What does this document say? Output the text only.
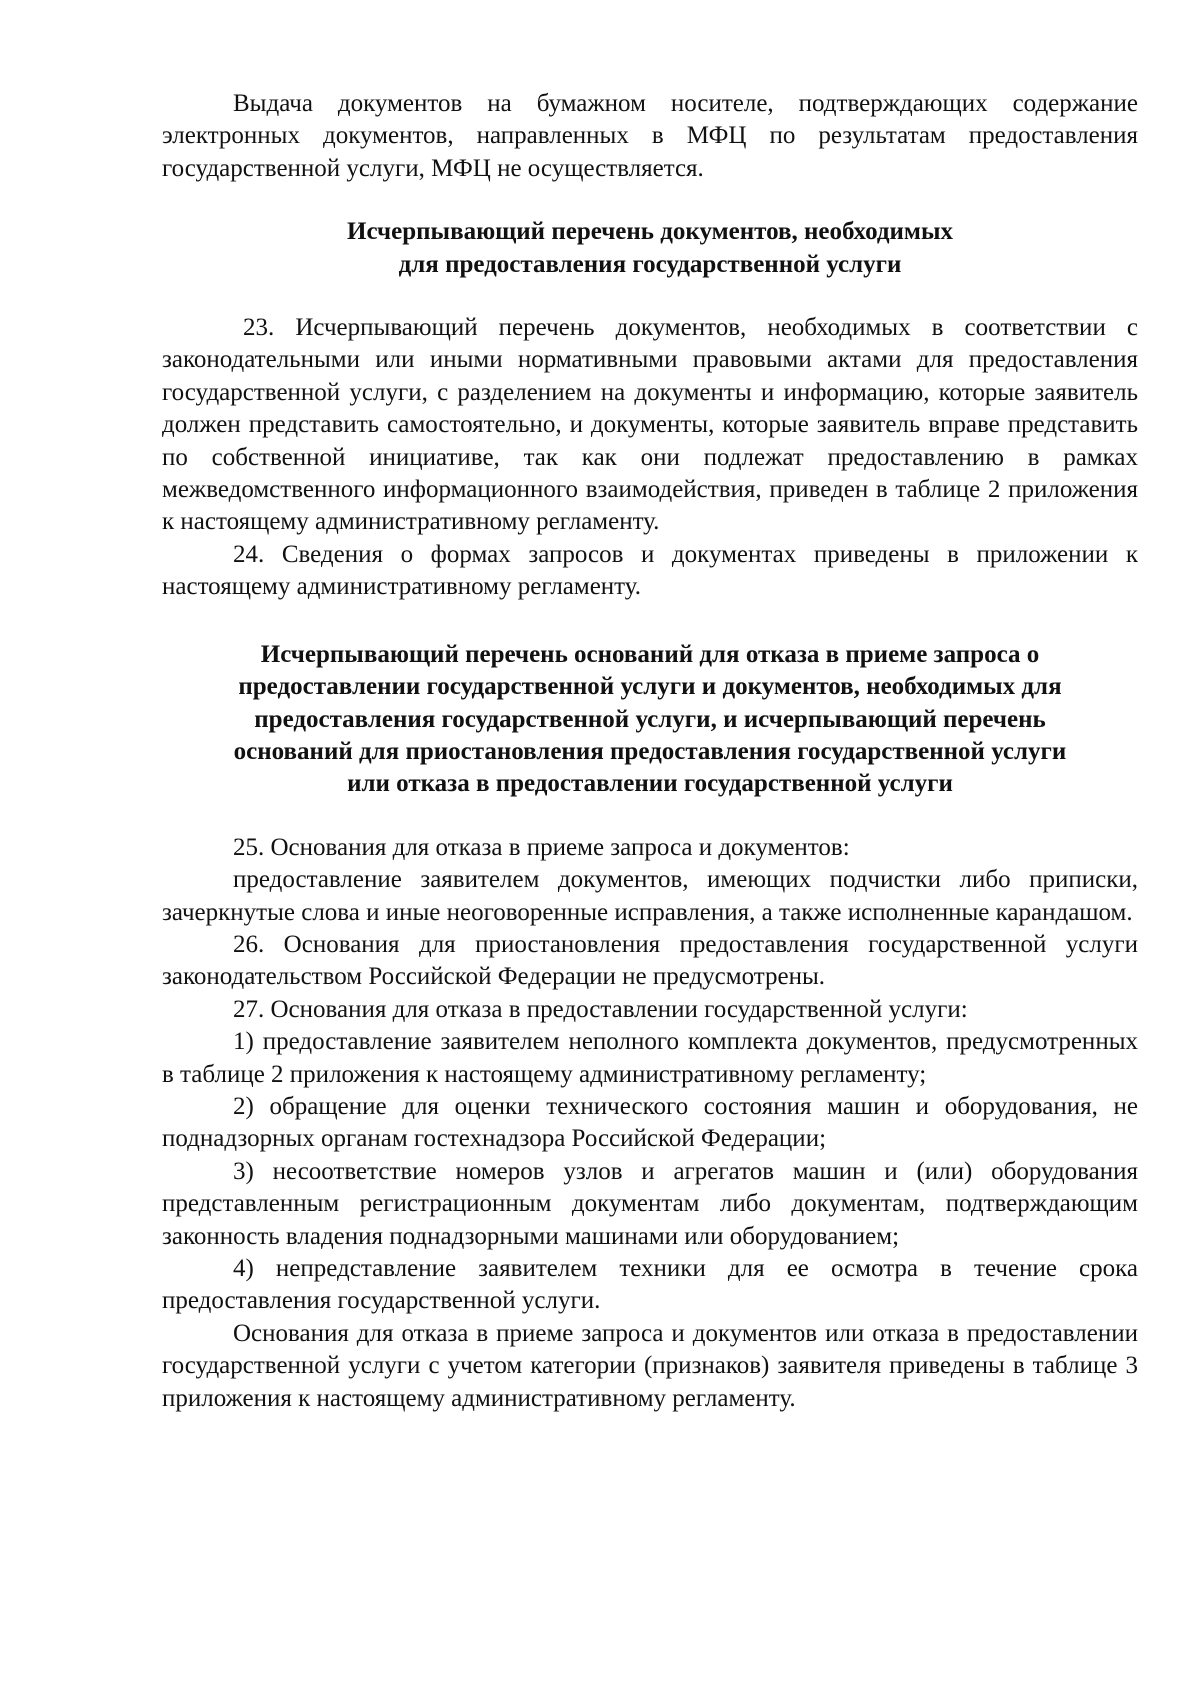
Выдача документов на бумажном носителе, подтверждающих содержание электронных документов, направленных в МФЦ по результатам предоставления государственной услуги, МФЦ не осуществляется.

Исчерпывающий перечень документов, необходимых
для предоставления государственной услуги

23. Исчерпывающий перечень документов, необходимых в соответствии с законодательными или иными нормативными правовыми актами для предоставления государственной услуги, с разделением на документы и информацию, которые заявитель должен представить самостоятельно, и документы, которые заявитель вправе представить по собственной инициативе, так как они подлежат предоставлению в рамках межведомственного информационного взаимодействия, приведен в таблице 2 приложения к настоящему административному регламенту.

24. Сведения о формах запросов и документах приведены в приложении к настоящему административному регламенту.

Исчерпывающий перечень оснований для отказа в приеме запроса о
предоставлении государственной услуги и документов, необходимых для
предоставления государственной услуги, и исчерпывающий перечень
оснований для приостановления предоставления государственной услуги
или отказа в предоставлении государственной услуги

25. Основания для отказа в приеме запроса и документов:

предоставление заявителем документов, имеющих подчистки либо приписки, зачеркнутые слова и иные неоговоренные исправления, а также исполненные карандашом.

26. Основания для приостановления предоставления государственной услуги законодательством Российской Федерации не предусмотрены.

27. Основания для отказа в предоставлении государственной услуги:

1) предоставление заявителем неполного комплекта документов, предусмотренных в таблице 2 приложения к настоящему административному регламенту;

2) обращение для оценки технического состояния машин и оборудования, не поднадзорных органам гостехнадзора Российской Федерации;

3) несоответствие номеров узлов и агрегатов машин и (или) оборудования представленным регистрационным документам либо документам, подтверждающим законность владения поднадзорными машинами или оборудованием;

4) непредставление заявителем техники для ее осмотра в течение срока предоставления государственной услуги.

Основания для отказа в приеме запроса и документов или отказа в предоставлении государственной услуги с учетом категории (признаков) заявителя приведены в таблице 3 приложения к настоящему административному регламенту.
